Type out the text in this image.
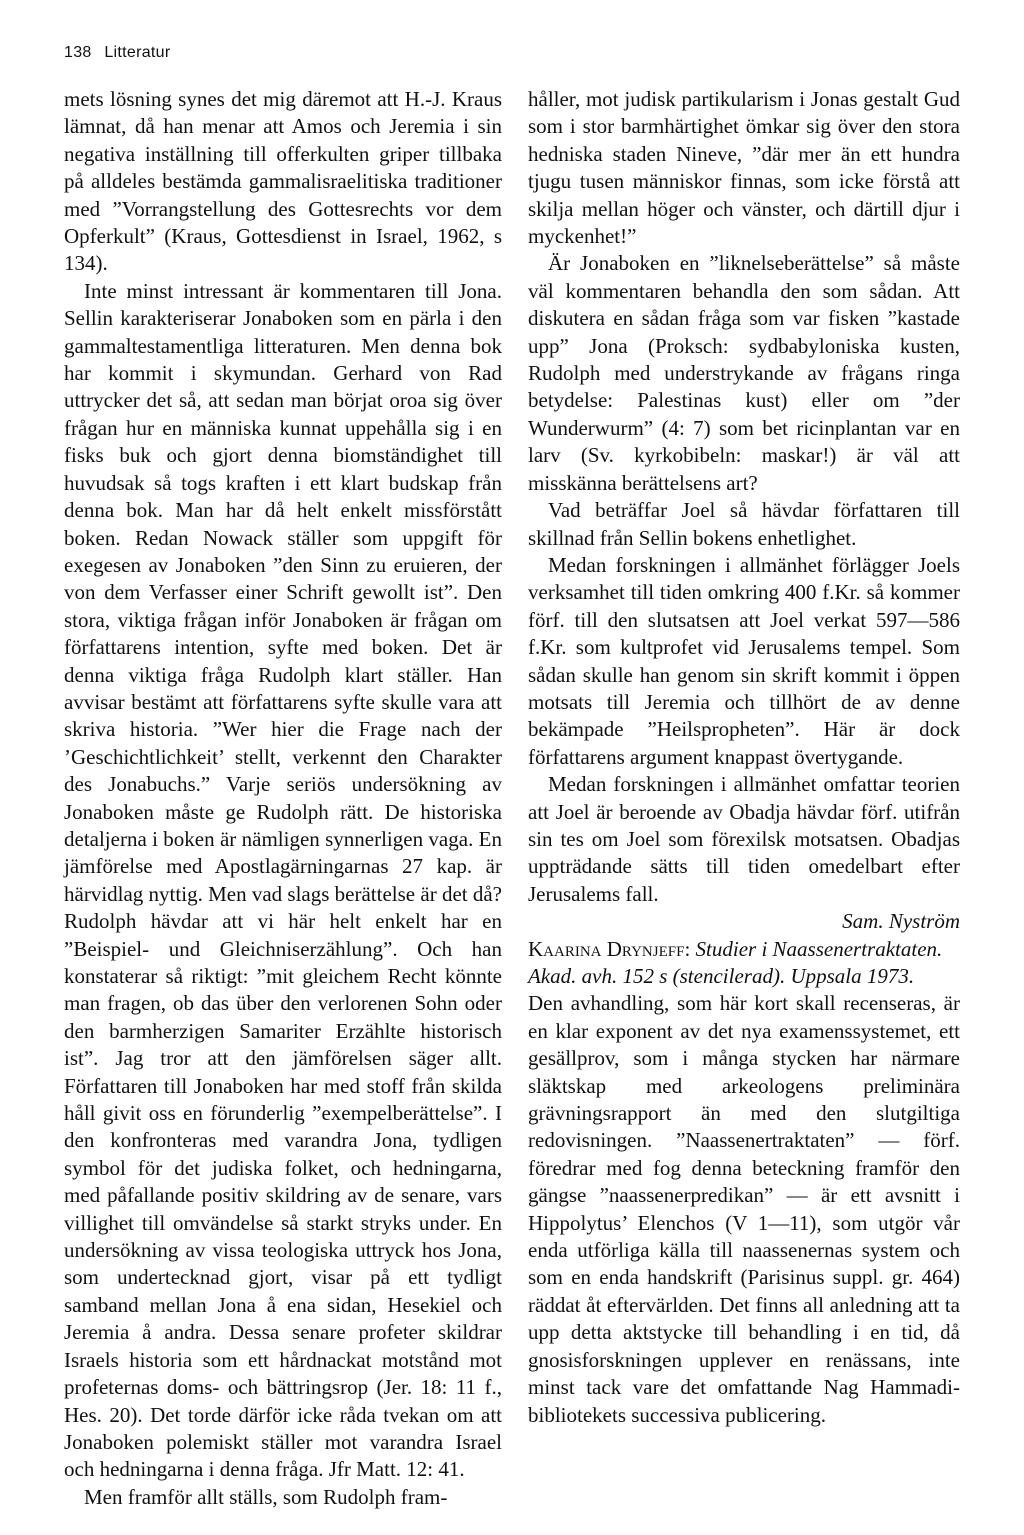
138 Litteratur

mets lösning synes det mig däremot att H.-J. Kraus lämnat, då han menar att Amos och Jeremia i sin negativa inställning till offerkulten griper tillbaka på alldeles bestämda gammalisraelitiska traditioner med ”Vorrangstellung des Gottesrechts vor dem Opferkult” (Kraus, Gottesdienst in Israel, 1962, s 134).

Inte minst intressant är kommentaren till Jona. Sellin karakteriserar Jonaboken som en pärla i den gammaltestamentliga litteraturen. Men denna bok har kommit i skymundan. Gerhard von Rad uttrycker det så, att sedan man börjat oroa sig över frågan hur en människa kunnat uppehålla sig i en fisks buk och gjort denna biomständighet till huvudsak så togs kraften i ett klart budskap från denna bok. Man har då helt enkelt missförstått boken. Redan Nowack ställer som uppgift för exegesen av Jonaboken ”den Sinn zu eruieren, der von dem Verfasser einer Schrift gewollt ist”. Den stora, viktiga frågan inför Jonaboken är frågan om författarens intention, syfte med boken. Det är denna viktiga fråga Rudolph klart ställer. Han avvisar bestämt att författarens syfte skulle vara att skriva historia. ”Wer hier die Frage nach der ’Geschichtlichkeit’ stellt, verkennt den Charakter des Jonabuchs.” Varje seriös undersökning av Jonaboken måste ge Rudolph rätt. De historiska detaljerna i boken är nämligen synnerligen vaga. En jämförelse med Apostlagärningarnas 27 kap. är härvidlag nyttig. Men vad slags berättelse är det då? Rudolph hävdar att vi här helt enkelt har en ”Beispiel- und Gleichniserzählung”. Och han konstaterar så riktigt: ”mit gleichem Recht könnte man fragen, ob das über den verlorenen Sohn oder den barmherzigen Samariter Erzählte historisch ist”. Jag tror att den jämförelsen säger allt. Författaren till Jonaboken har med stoff från skilda håll givit oss en förunderlig ”exempelberättelse”. I den konfronteras med varandra Jona, tydligen symbol för det judiska folket, och hedningarna, med påfallande positiv skildring av de senare, vars villighet till omvändelse så starkt stryks under. En undersökning av vissa teologiska uttryck hos Jona, som undertecknad gjort, visar på ett tydligt samband mellan Jona å ena sidan, Hesekiel och Jeremia å andra. Dessa senare profeter skildrar Israels historia som ett hårdnackat motstånd mot profeternas doms- och bättringsrop (Jer. 18: 11 f., Hes. 20). Det torde därför icke råda tvekan om att Jonaboken polemiskt ställer mot varandra Israel och hedningarna i denna fråga. Jfr Matt. 12: 41.

Men framför allt ställs, som Rudolph fram-

håller, mot judisk partikularism i Jonas gestalt Gud som i stor barmhärtighet ömkar sig över den stora hedniska staden Nineve, ”där mer än ett hundra tjugu tusen människor finnas, som icke förstå att skilja mellan höger och vänster, och därtill djur i myckenhet!”

Är Jonaboken en ”liknelseberättelse” så måste väl kommentaren behandla den som sådan. Att diskutera en sådan fråga som var fisken ”kastade upp” Jona (Proksch: sydbabyloniska kusten, Rudolph med understrykande av frågans ringa betydelse: Palestinas kust) eller om ”der Wunderwurm” (4: 7) som bet ricinplantan var en larv (Sv. kyrkobibeln: maskar!) är väl att misskänna berättelsens art?

Vad beträffar Joel så hävdar författaren till skillnad från Sellin bokens enhetlighet.

Medan forskningen i allmänhet förlägger Joels verksamhet till tiden omkring 400 f.Kr. så kommer förf. till den slutsatsen att Joel verkat 597—586 f.Kr. som kultprofet vid Jerusalems tempel. Som sådan skulle han genom sin skrift kommit i öppen motsats till Jeremia och tillhört de av denne bekämpade ”Heilspropheten”. Här är dock författarens argument knappast övertygande.

Medan forskningen i allmänhet omfattar teorien att Joel är beroende av Obadja hävdar förf. utifrån sin tes om Joel som förexilsk motsatsen. Obadjas uppträdande sätts till tiden omedelbart efter Jerusalems fall.

Sam. Nyström

Kaarina Drynjeff: Studier i Naassenertraktaten. Akad. avh. 152 s (stencilerad). Uppsala 1973.

Den avhandling, som här kort skall recenseras, är en klar exponent av det nya examenssystemet, ett gesällprov, som i många stycken har närmare släktskap med arkeologens preliminära grävningsrapport än med den slutgiltiga redovisningen. ”Naassenertraktaten” — förf. föredrar med fog denna beteckning framför den gängse ”naassenerpredikan” — är ett avsnitt i Hippolytus’ Elenchos (V 1—11), som utgör vår enda utförliga källa till naassenernas system och som en enda handskrift (Parisinus suppl. gr. 464) räddat åt eftervärlden. Det finns all anledning att ta upp detta aktstycke till behandling i en tid, då gnosisforskningen upplever en renässans, inte minst tack vare det omfattande Nag Hammadi-bibliotekets successiva publicering.
